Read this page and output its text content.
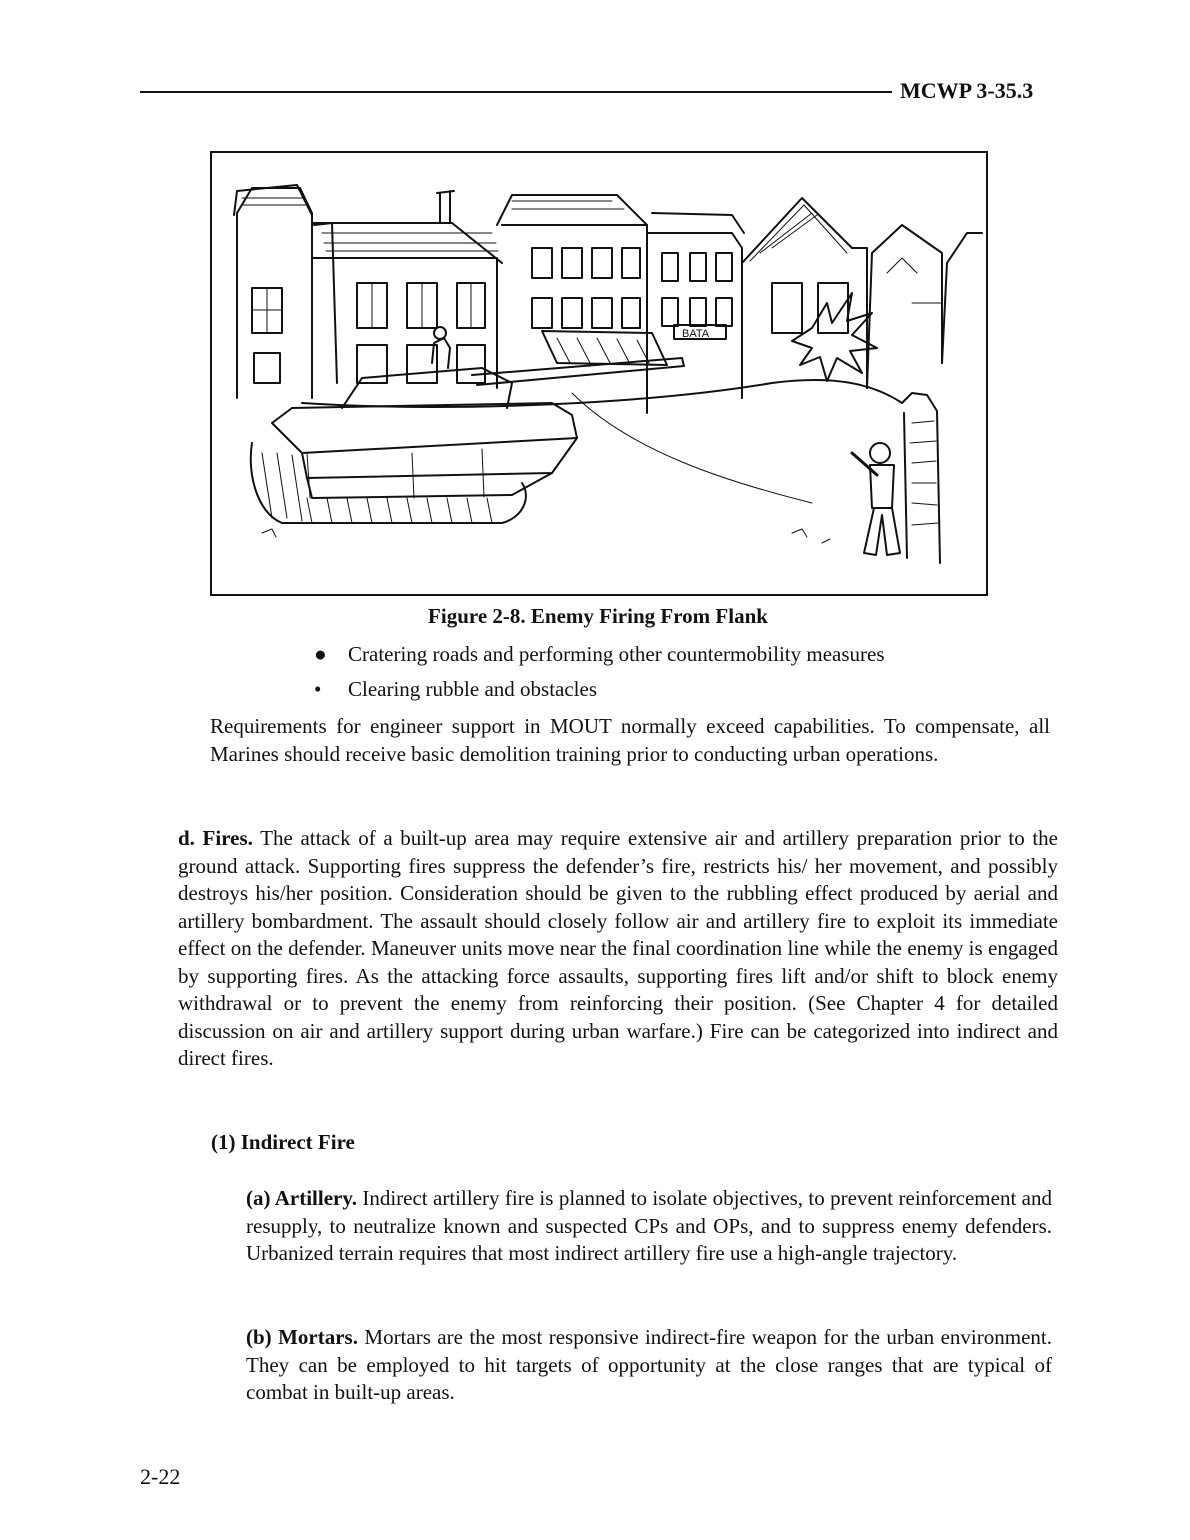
MCWP 3-35.3
BATA
Figure 2-8. Enemy Firing From Flank
● Cratering roads and performing other countermobility measures
• Clearing rubble and obstacles

Requirements for engineer support in MOUT normally exceed capabilities. To compensate, all Marines should receive basic demolition training prior to conducting urban operations.

d. Fires. The attack of a built-up area may require extensive air and artillery preparation prior to the ground attack. Supporting fires suppress the defender’s fire, restricts his/ her movement, and possibly destroys his/her position. Consideration should be given to the rubbling effect produced by aerial and artillery bombardment. The assault should closely follow air and artillery fire to exploit its immediate effect on the defender. Maneuver units move near the final coordination line while the enemy is engaged by supporting fires. As the attacking force assaults, supporting fires lift and/or shift to block enemy withdrawal or to prevent the enemy from reinforcing their position. (See Chapter 4 for detailed discussion on air and artillery support during urban warfare.) Fire can be categorized into indirect and direct fires.

(1) Indirect Fire

(a) Artillery. Indirect artillery fire is planned to isolate objectives, to prevent reinforcement and resupply, to neutralize known and suspected CPs and OPs, and to suppress enemy defenders. Urbanized terrain requires that most indirect artillery fire use a high-angle trajectory.

(b) Mortars. Mortars are the most responsive indirect-fire weapon for the urban environment. They can be employed to hit targets of opportunity at the close ranges that are typical of combat in built-up areas.

2-22
